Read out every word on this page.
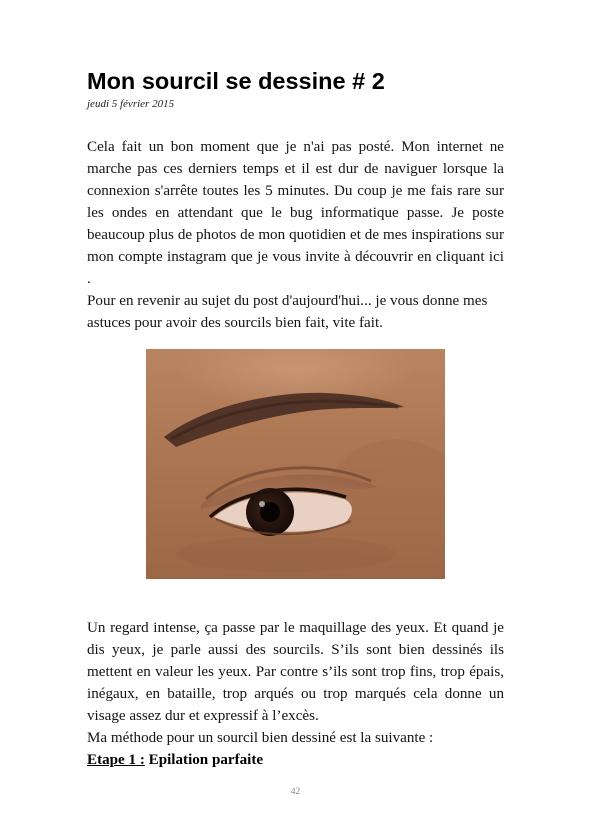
Mon sourcil se dessine # 2
jeudi 5 février 2015

Cela fait un bon moment que je n'ai pas posté. Mon internet ne marche pas ces derniers temps et il est dur de naviguer lorsque la connexion s'arrête toutes les 5 minutes. Du coup je me fais rare sur les ondes en attendant que le bug informatique passe. Je poste beaucoup plus de photos de mon quotidien et de mes inspirations sur mon compte instagram que je vous invite à découvrir en cliquant ici .

Pour en revenir au sujet du post d'aujourd'hui... je vous donne mes astuces pour avoir des sourcils bien fait, vite fait.

Un regard intense, ça passe par le maquillage des yeux. Et quand je dis yeux, je parle aussi des sourcils. S’ils sont bien dessinés ils mettent en valeur les yeux. Par contre s’ils sont trop fins, trop épais, inégaux, en bataille, trop arqués ou trop marqués cela donne un visage assez dur et expressif à l’excès.

Ma méthode pour un sourcil bien dessiné est la suivante :

Etape 1 : Epilation parfaite
42
